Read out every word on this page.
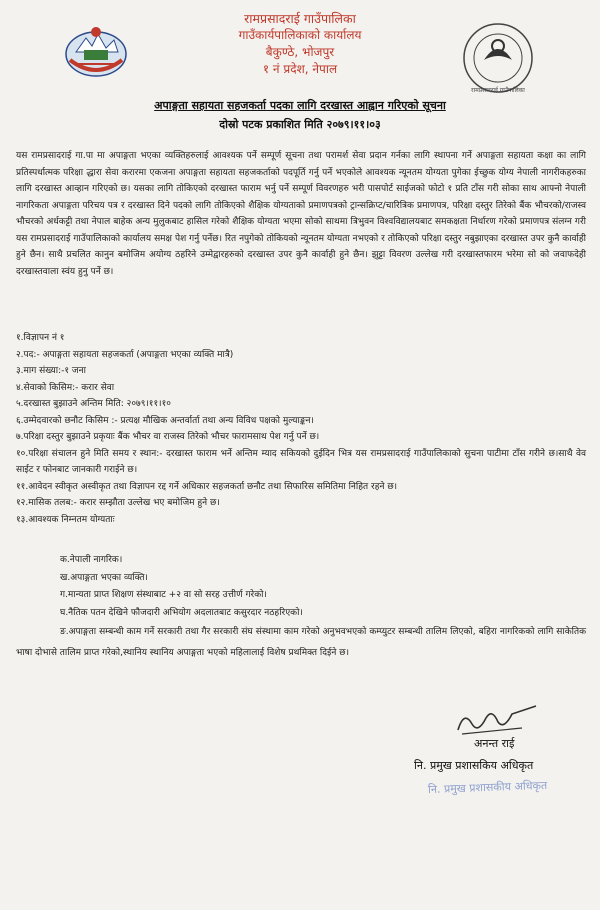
रामप्रसादराई गाउँपालिका
गाउँकार्यपालिकाको कार्यालय
बैकुण्ठे, भोजपुर
१ नं प्रदेश, नेपाल
रामप्रसादराई गाउँपालिका
अपाङ्गता सहायता सहजकर्ता पदका लागि दरखास्त आह्वान गरिएको सूचना
दोस्रो पटक प्रकाशित मिति २०७९।११।०३

यस रामप्रसादराई गा.पा मा अपाङ्गता भएका व्यक्तिहरुलाई आवश्यक पर्ने सम्पूर्ण सूचना तथा परामर्श सेवा प्रदान गर्नका लागि स्थापना गर्ने अपाङ्गता सहायता कक्षा का लागि प्रतिस्पर्धात्मक परिक्षा द्धारा सेवा करारमा एकजना अपाङ्गता सहायता सहजकर्ताको पदपूर्ति गर्नु पर्ने भएकोले आवश्यक न्यूनतम योग्यता पुगेका ईच्छुक योग्य नेपाली नागरीकहरुका लागि दरखास्त आव्हान गरिएको छ। यसका लागि तोकिएको दरखास्त फाराम भर्नु पर्ने सम्पूर्ण विवरणहरु भरी पासपोर्ट साईजको फोटो १ प्रति टाँस गरी सोका साथ आफ्नो नेपाली नागरिकता अपाङ्गता परिचय पत्र र दरखास्त दिने पदको लागि तोकिएको शैक्षिक योग्यताको प्रमाणपत्रको ट्रान्सक्रिप्ट/चारित्रिक प्रमाणपत्र, परिक्षा दस्तुर तिरेको बैंक भौचरको/राजस्व भौचरको अर्धकट्टी तथा नेपाल बाहेक अन्य मुलुकबाट हासिल गरेको शैक्षिक योग्यता भएमा सोको साथमा त्रिभुवन विश्वविद्यालयबाट समकक्षता निर्धारण गरेको प्रमाणपत्र संलग्न गरी यस रामप्रसादराई गाउँपालिकाको कार्यालय समक्ष पेश गर्नु पर्नेछ। रित नपुगेको तोकियको न्यूनतम योग्यता नभएको र तोकिएको परिक्षा दस्तुर नबुझाएका दरखास्त उपर कुनै कार्वाही हुने छैन। साथै प्रचलित कानुन बमोजिम अयोग्य ठहरिने उम्मेद्वारहरुको दरखास्त उपर कुनै कार्वाही हुने छैन। झुट्टा विवरण उल्लेख गरी दरखास्तफारम भरेमा सो को जवाफदेही दरखास्तवाला स्वंय हुनु पर्ने छ।

१.विज्ञापन नं १
२.पद:- अपाङ्गता सहायता सहजकर्ता (अपाङ्गता भएका व्यक्ति मात्रै)
३.माग संख्या:-१ जना
४.सेवाको किसिम:- करार सेवा
५.दरखास्त बुझाउने अन्तिम मिति: २०७९।११।१०
६.उम्मेदवारको छनौट किसिम :- प्रत्यक्ष मौखिक अन्तर्वार्ता तथा अन्य विविध पक्षको मुल्याङ्कन।
७.परिक्षा दस्तुर बुझाउने प्रकृयाः बैंक भौचर वा राजस्व तिरेको भौचर फारामसाथ पेश गर्नु पर्ने छ।
१०.परिक्षा संचालन हुने मिति समय र स्थान:- दरखास्त फाराम भर्ने अन्तिम म्याद सकियको दुईदिन भित्र यस रामप्रसादराई गाउँपालिकाको सुचना पाटीमा टाँस गरीने छ।साथै वेव साईट र फोनबाट जानकारी गराईने छ।
११.आवेदन स्वीकृत अस्वीकृत तथा विज्ञापन रद्द गर्ने अधिकार सहजकर्ता छनौट तथा सिफारिस समितिमा निहित रहने छ।
१२.मासिक तलब:- करार सम्झौता उल्लेख भए बमोजिम हुने छ।
१३.आवश्यक निम्नतम योग्यताः
क.नेपाली नागरिक।
ख.अपाङ्गता भएका व्यक्ति।
ग.मान्यता प्राप्त शिक्षण संस्थाबाट +२ वा सो सरह उत्तीर्ण गरेको।
घ.नैतिक पतन देखिने फौजदारी अभियोग अदलातबाट कसुरदार नठहरिएको।
ङ.अपाङ्गता सम्बन्धी काम गर्ने सरकारी तथा गैर सरकारी संघ संस्थामा काम गरेको अनुभवभएको कम्प्युटर सम्बन्धी तालिम लिएको, बहिरा नागरिकको लागि साकेतिक भाषा दोभासे तालिम प्राप्त गरेको,स्थानिय स्थानिय अपाङ्गता भएको महिलालाई विशेष प्रथमिक्त दिईने छ।
अनन्त राई
नि. प्रमुख प्रशासकिय अधिकृत
नि. प्रमुख प्रशासकीय अधिकृत
